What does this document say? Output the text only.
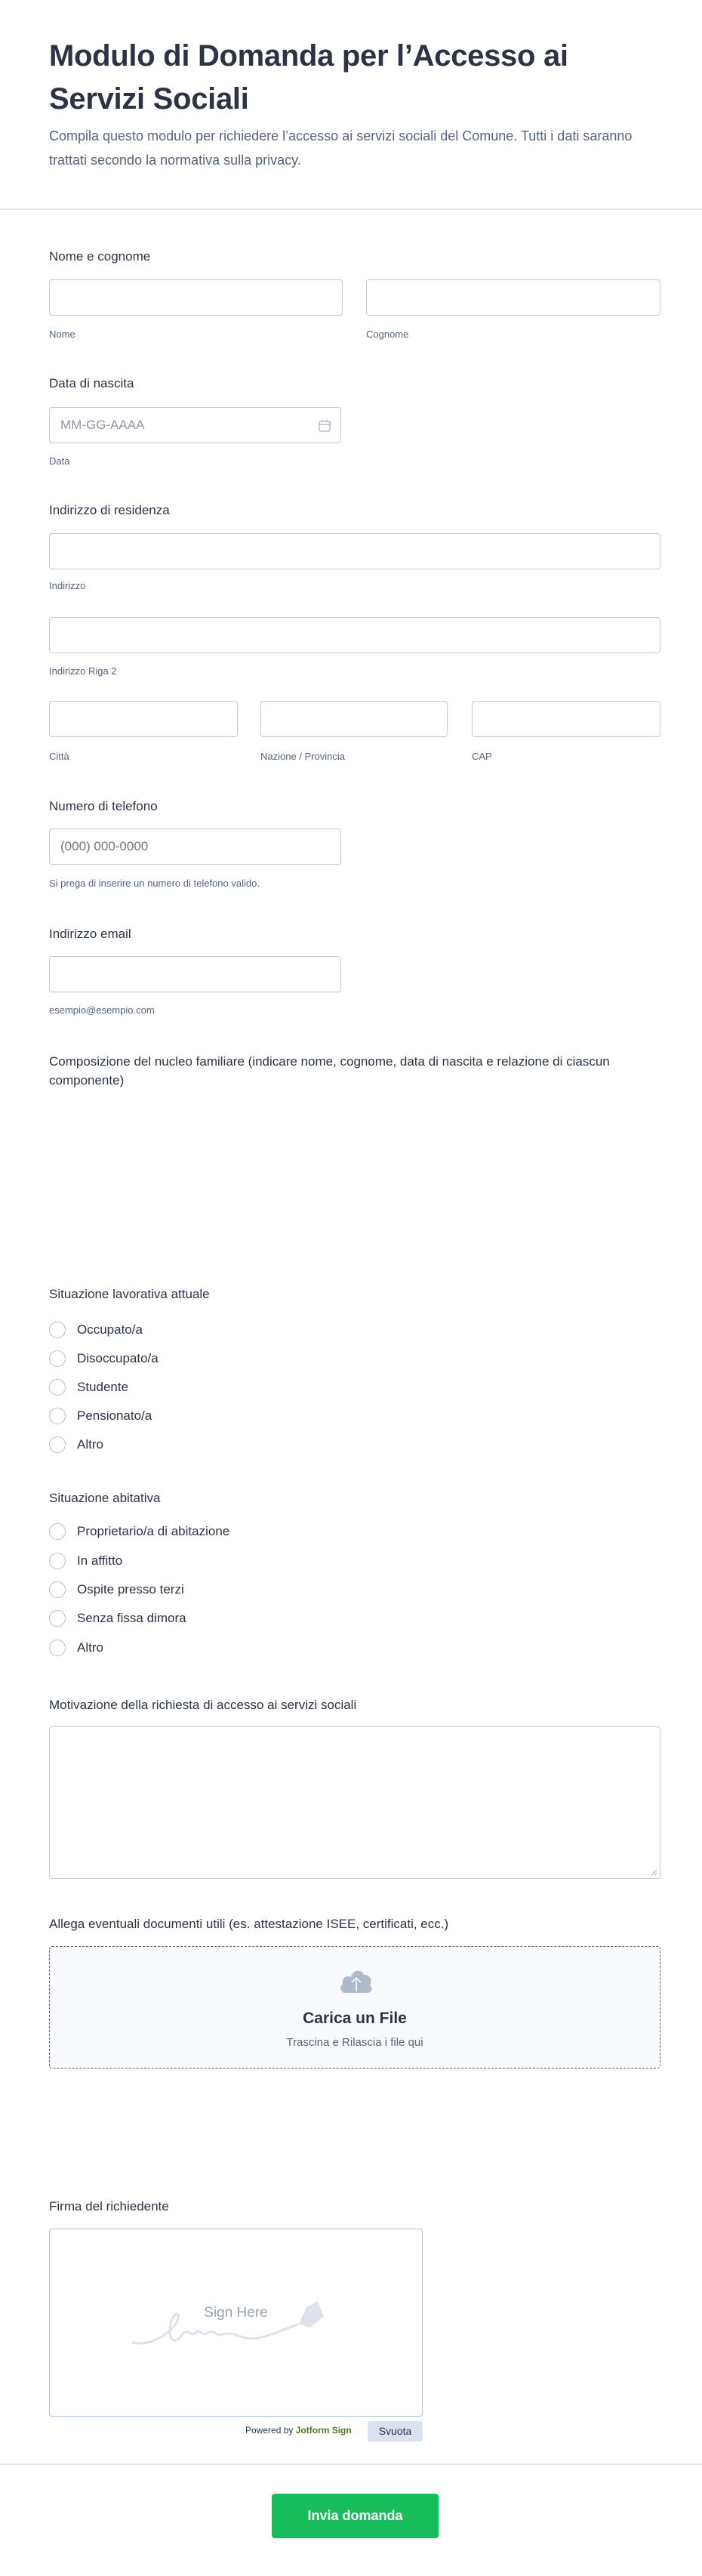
Modulo di Domanda per l’Accesso ai Servizi Sociali
Compila questo modulo per richiedere l’accesso ai servizi sociali del Comune. Tutti i dati saranno trattati secondo la normativa sulla privacy.
Nome e cognome
Nome	Cognome
Data di nascita
MM-GG-AAAA
Data
Indirizzo di residenza
Indirizzo
Indirizzo Riga 2
Città	Nazione / Provincia	CAP
Numero di telefono
(000) 000-0000
Si prega di inserire un numero di telefono valido.
Indirizzo email
esempio@esempio.com
Composizione del nucleo familiare (indicare nome, cognome, data di nascita e relazione di ciascun componente)
Situazione lavorativa attuale
Occupato/a
Disoccupato/a
Studente
Pensionato/a
Altro
Situazione abitativa
Proprietario/a di abitazione
In affitto
Ospite presso terzi
Senza fissa dimora
Altro
Motivazione della richiesta di accesso ai servizi sociali
Allega eventuali documenti utili (es. attestazione ISEE, certificati, ecc.)
Carica un File
Trascina e Rilascia i file qui
Firma del richiedente
Sign Here
Powered by Jotform Sign	Svuota
Invia domanda
